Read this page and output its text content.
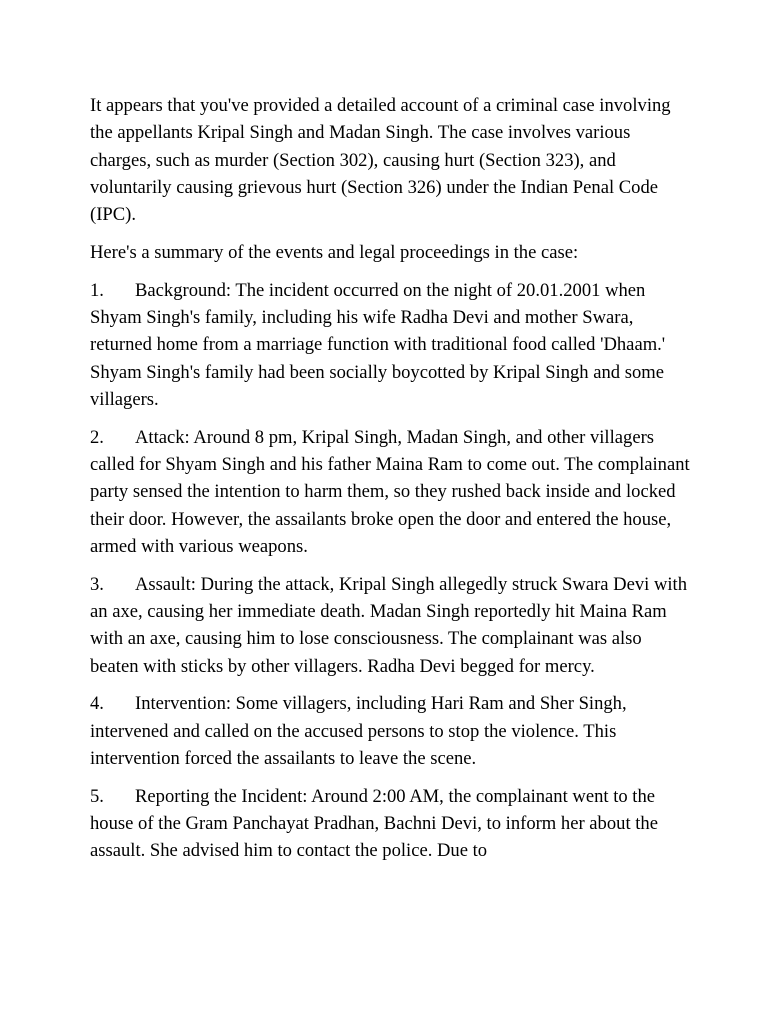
It appears that you've provided a detailed account of a criminal case involving the appellants Kripal Singh and Madan Singh. The case involves various charges, such as murder (Section 302), causing hurt (Section 323), and voluntarily causing grievous hurt (Section 326) under the Indian Penal Code (IPC).

Here's a summary of the events and legal proceedings in the case:

1. Background: The incident occurred on the night of 20.01.2001 when Shyam Singh's family, including his wife Radha Devi and mother Swara, returned home from a marriage function with traditional food called 'Dhaam.' Shyam Singh's family had been socially boycotted by Kripal Singh and some villagers.

2. Attack: Around 8 pm, Kripal Singh, Madan Singh, and other villagers called for Shyam Singh and his father Maina Ram to come out. The complainant party sensed the intention to harm them, so they rushed back inside and locked their door. However, the assailants broke open the door and entered the house, armed with various weapons.

3. Assault: During the attack, Kripal Singh allegedly struck Swara Devi with an axe, causing her immediate death. Madan Singh reportedly hit Maina Ram with an axe, causing him to lose consciousness. The complainant was also beaten with sticks by other villagers. Radha Devi begged for mercy.

4. Intervention: Some villagers, including Hari Ram and Sher Singh, intervened and called on the accused persons to stop the violence. This intervention forced the assailants to leave the scene.

5. Reporting the Incident: Around 2:00 AM, the complainant went to the house of the Gram Panchayat Pradhan, Bachni Devi, to inform her about the assault. She advised him to contact the police. Due to
